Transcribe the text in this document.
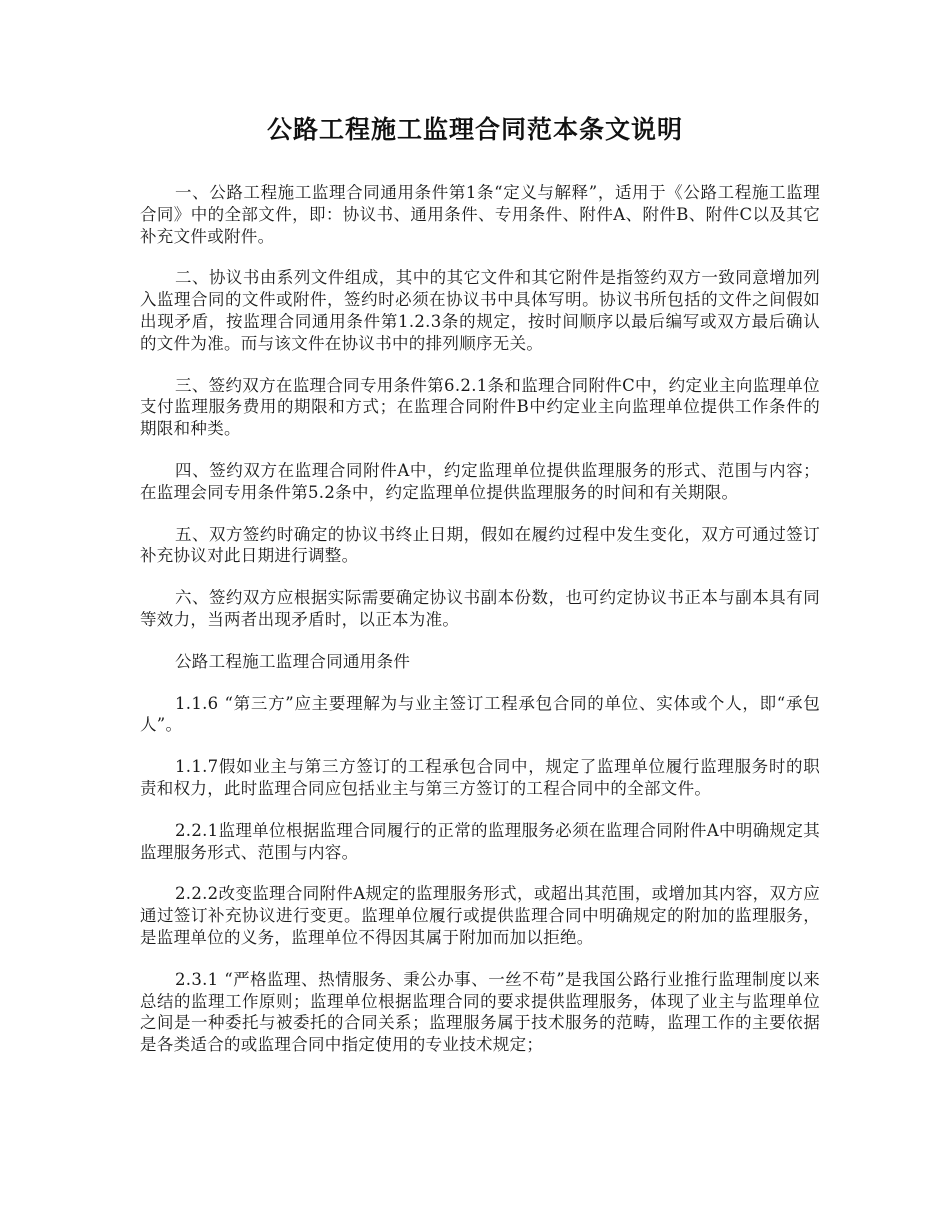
公路工程施工监理合同范本条文说明

一、公路工程施工监理合同通用条件第1条“定义与解释”，适用于《公路工程施工监理合同》中的全部文件，即：协议书、通用条件、专用条件、附件A、附件B、附件C以及其它补充文件或附件。

二、协议书由系列文件组成，其中的其它文件和其它附件是指签约双方一致同意增加列入监理合同的文件或附件，签约时必须在协议书中具体写明。协议书所包括的文件之间假如出现矛盾，按监理合同通用条件第1.2.3条的规定，按时间顺序以最后编写或双方最后确认的文件为准。而与该文件在协议书中的排列顺序无关。

三、签约双方在监理合同专用条件第6.2.1条和监理合同附件C中，约定业主向监理单位支付监理服务费用的期限和方式；在监理合同附件B中约定业主向监理单位提供工作条件的期限和种类。

四、签约双方在监理合同附件A中，约定监理单位提供监理服务的形式、范围与内容；在监理会同专用条件第5.2条中，约定监理单位提供监理服务的时间和有关期限。

五、双方签约时确定的协议书终止日期，假如在履约过程中发生变化，双方可通过签订补充协议对此日期进行调整。

六、签约双方应根据实际需要确定协议书副本份数，也可约定协议书正本与副本具有同等效力，当两者出现矛盾时，以正本为准。

公路工程施工监理合同通用条件

1.1.6 “第三方”应主要理解为与业主签订工程承包合同的单位、实体或个人，即“承包人”。

1.1.7假如业主与第三方签订的工程承包合同中，规定了监理单位履行监理服务时的职责和权力，此时监理合同应包括业主与第三方签订的工程合同中的全部文件。

2.2.1监理单位根据监理合同履行的正常的监理服务必须在监理合同附件A中明确规定其监理服务形式、范围与内容。

2.2.2改变监理合同附件A规定的监理服务形式，或超出其范围，或增加其内容，双方应通过签订补充协议进行变更。监理单位履行或提供监理合同中明确规定的附加的监理服务，是监理单位的义务，监理单位不得因其属于附加而加以拒绝。

2.3.1 “严格监理、热情服务、秉公办事、一丝不苟”是我国公路行业推行监理制度以来总结的监理工作原则；监理单位根据监理合同的要求提供监理服务，体现了业主与监理单位之间是一种委托与被委托的合同关系；监理服务属于技术服务的范畴，监理工作的主要依据是各类适合的或监理合同中指定使用的专业技术规定；
